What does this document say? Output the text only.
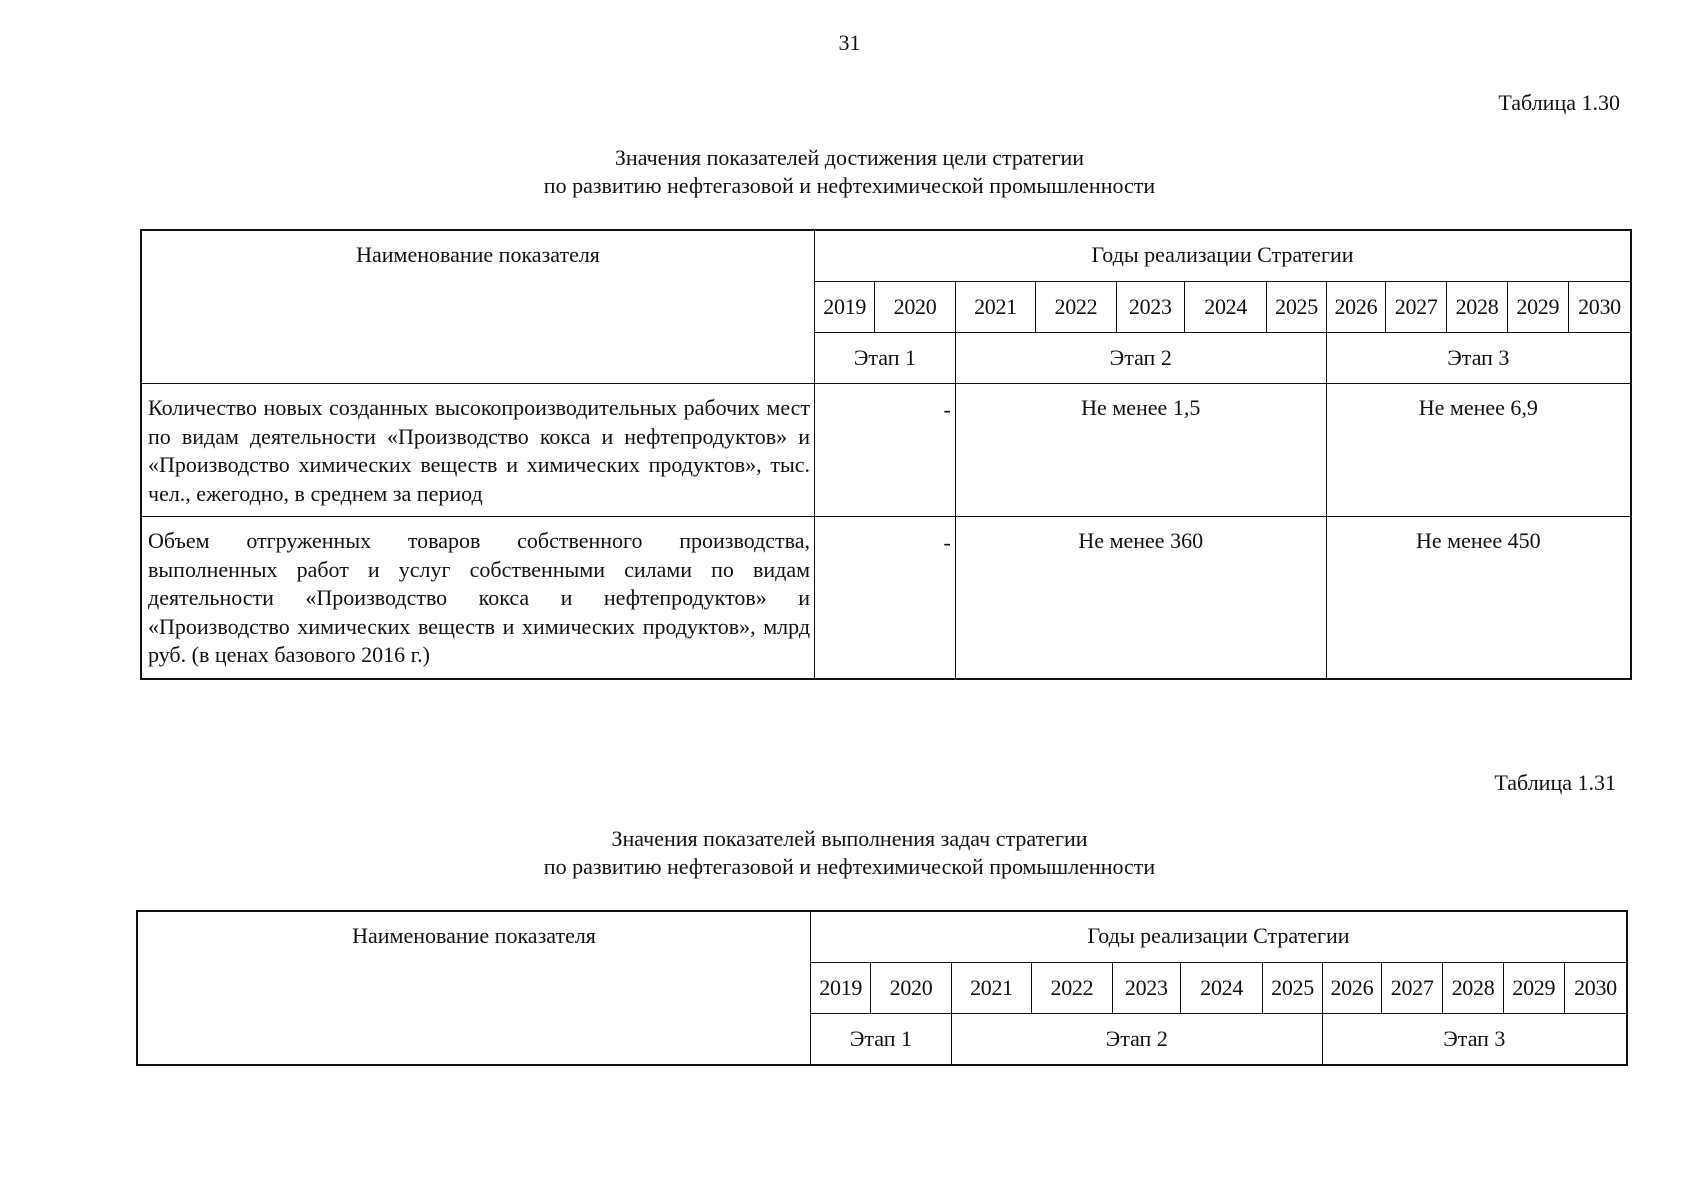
31
Таблица 1.30
Значения показателей достижения цели стратегии
по развитию нефтегазовой и нефтехимической промышленности
Наименование показателя	Годы реализации Стратегии											
	2019	2020	2021	2022	2023	2024	2025	2026	2027	2028	2029	2030
	Этап 1		Этап 2					Этап 3				
Количество новых созданных высокопроизводительных рабочих мест по видам деятельности «Производство кокса и нефтепродуктов» и «Производство химических веществ и химических продуктов», тыс. чел., ежегодно, в среднем за период	-		Не менее 1,5					Не менее 6,9				
Объем отгруженных товаров собственного производства, выполненных работ и услуг собственными силами по видам деятельности «Производство кокса и нефтепродуктов» и «Производство химических веществ и химических продуктов», млрд руб. (в ценах базового 2016 г.)	-		Не менее 360					Не менее 450				
Таблица 1.31
Значения показателей выполнения задач стратегии
по развитию нефтегазовой и нефтехимической промышленности
Наименование показателя	Годы реализации Стратегии											
	2019	2020	2021	2022	2023	2024	2025	2026	2027	2028	2029	2030
	Этап 1		Этап 2					Этап 3				
